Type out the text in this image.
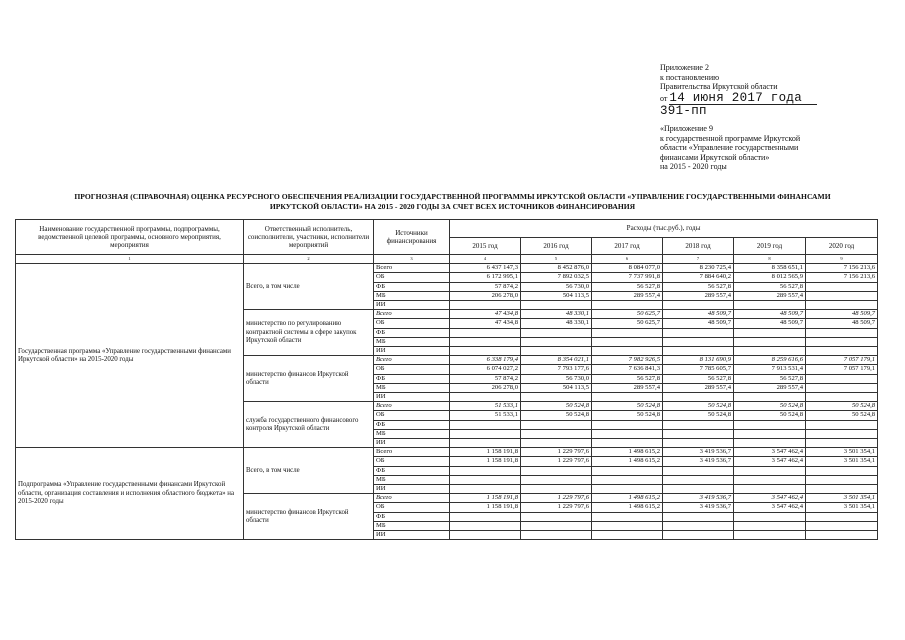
Приложение 2
к постановлению
Правительства Иркутской области
от 14 июня 2017 года
391-пп
«Приложение 9
к государственной программе Иркутской
области «Управление государственными
финансами Иркутской области»
на 2015 - 2020 годы
ПРОГНОЗНАЯ (СПРАВОЧНАЯ) ОЦЕНКА РЕСУРСНОГО ОБЕСПЕЧЕНИЯ РЕАЛИЗАЦИИ ГОСУДАРСТВЕННОЙ ПРОГРАММЫ ИРКУТСКОЙ ОБЛАСТИ «УПРАВЛЕНИЕ ГОСУДАРСТВЕННЫМИ ФИНАНСАМИ
ИРКУТСКОЙ ОБЛАСТИ» НА 2015 - 2020 ГОДЫ ЗА СЧЕТ ВСЕХ ИСТОЧНИКОВ ФИНАНСИРОВАНИЯ
Наименование государственной программы, подпрограммы, ведомственной целевой программы, основного мероприятия, мероприятия	Ответственный исполнитель, соисполнители, участники, исполнители мероприятий	Источники финансирования	Расходы (тыс.руб.), годы					
			2015 год	2016 год	2017 год	2018 год	2019 год	2020 год
1	2	3	4	5	6	7	8	9
Государственная программа «Управление государственными финансами Иркутской области» на 2015-2020 годы	Всего, в том числе	Всего	6 437 147,3	8 452 876,0	8 084 077,0	8 230 725,4	8 358 651,1	7 156 213,6
		ОБ	6 172 995,1	7 892 032,5	7 737 991,8	7 884 640,2	8 012 565,9	7 156 213,6
		ФБ	57 874,2	56 730,0	56 527,8	56 527,8	56 527,8	
		МБ	206 278,0	504 113,5	289 557,4	289 557,4	289 557,4	
		ИИ						
	министерство по регулированию контрактной системы в сфере закупок Иркутской области	Всего	47 434,8	48 330,1	50 625,7	48 509,7	48 509,7	48 509,7
		ОБ	47 434,8	48 330,1	50 625,7	48 509,7	48 509,7	48 509,7
		ФБ						
		МБ						
		ИИ						
	министерство финансов Иркутской области	Всего	6 338 179,4	8 354 021,1	7 982 926,5	8 131 690,9	8 259 616,6	7 057 179,1
		ОБ	6 074 027,2	7 793 177,6	7 636 841,3	7 785 605,7	7 913 531,4	7 057 179,1
		ФБ	57 874,2	56 730,0	56 527,8	56 527,8	56 527,8	
		МБ	206 278,0	504 113,5	289 557,4	289 557,4	289 557,4	
		ИИ						
	служба государственного финансового контроля Иркутской области	Всего	51 533,1	50 524,8	50 524,8	50 524,8	50 524,8	50 524,8
		ОБ	51 533,1	50 524,8	50 524,8	50 524,8	50 524,8	50 524,8
		ФБ						
		МБ						
		ИИ						
Подпрограмма «Управление государственными финансами Иркутской области, организация составления и исполнения областного бюджета» на 2015-2020 годы	Всего, в том числе	Всего	1 158 191,8	1 229 797,6	1 498 615,2	3 419 536,7	3 547 462,4	3 501 354,1
		ОБ	1 158 191,8	1 229 797,6	1 498 615,2	3 419 536,7	3 547 462,4	3 501 354,1
		ФБ						
		МБ						
		ИИ						
	министерство финансов Иркутской области	Всего	1 158 191,8	1 229 797,6	1 498 615,2	3 419 536,7	3 547 462,4	3 501 354,1
		ОБ	1 158 191,8	1 229 797,6	1 498 615,2	3 419 536,7	3 547 462,4	3 501 354,1
		ФБ						
		МБ						
		ИИ						
